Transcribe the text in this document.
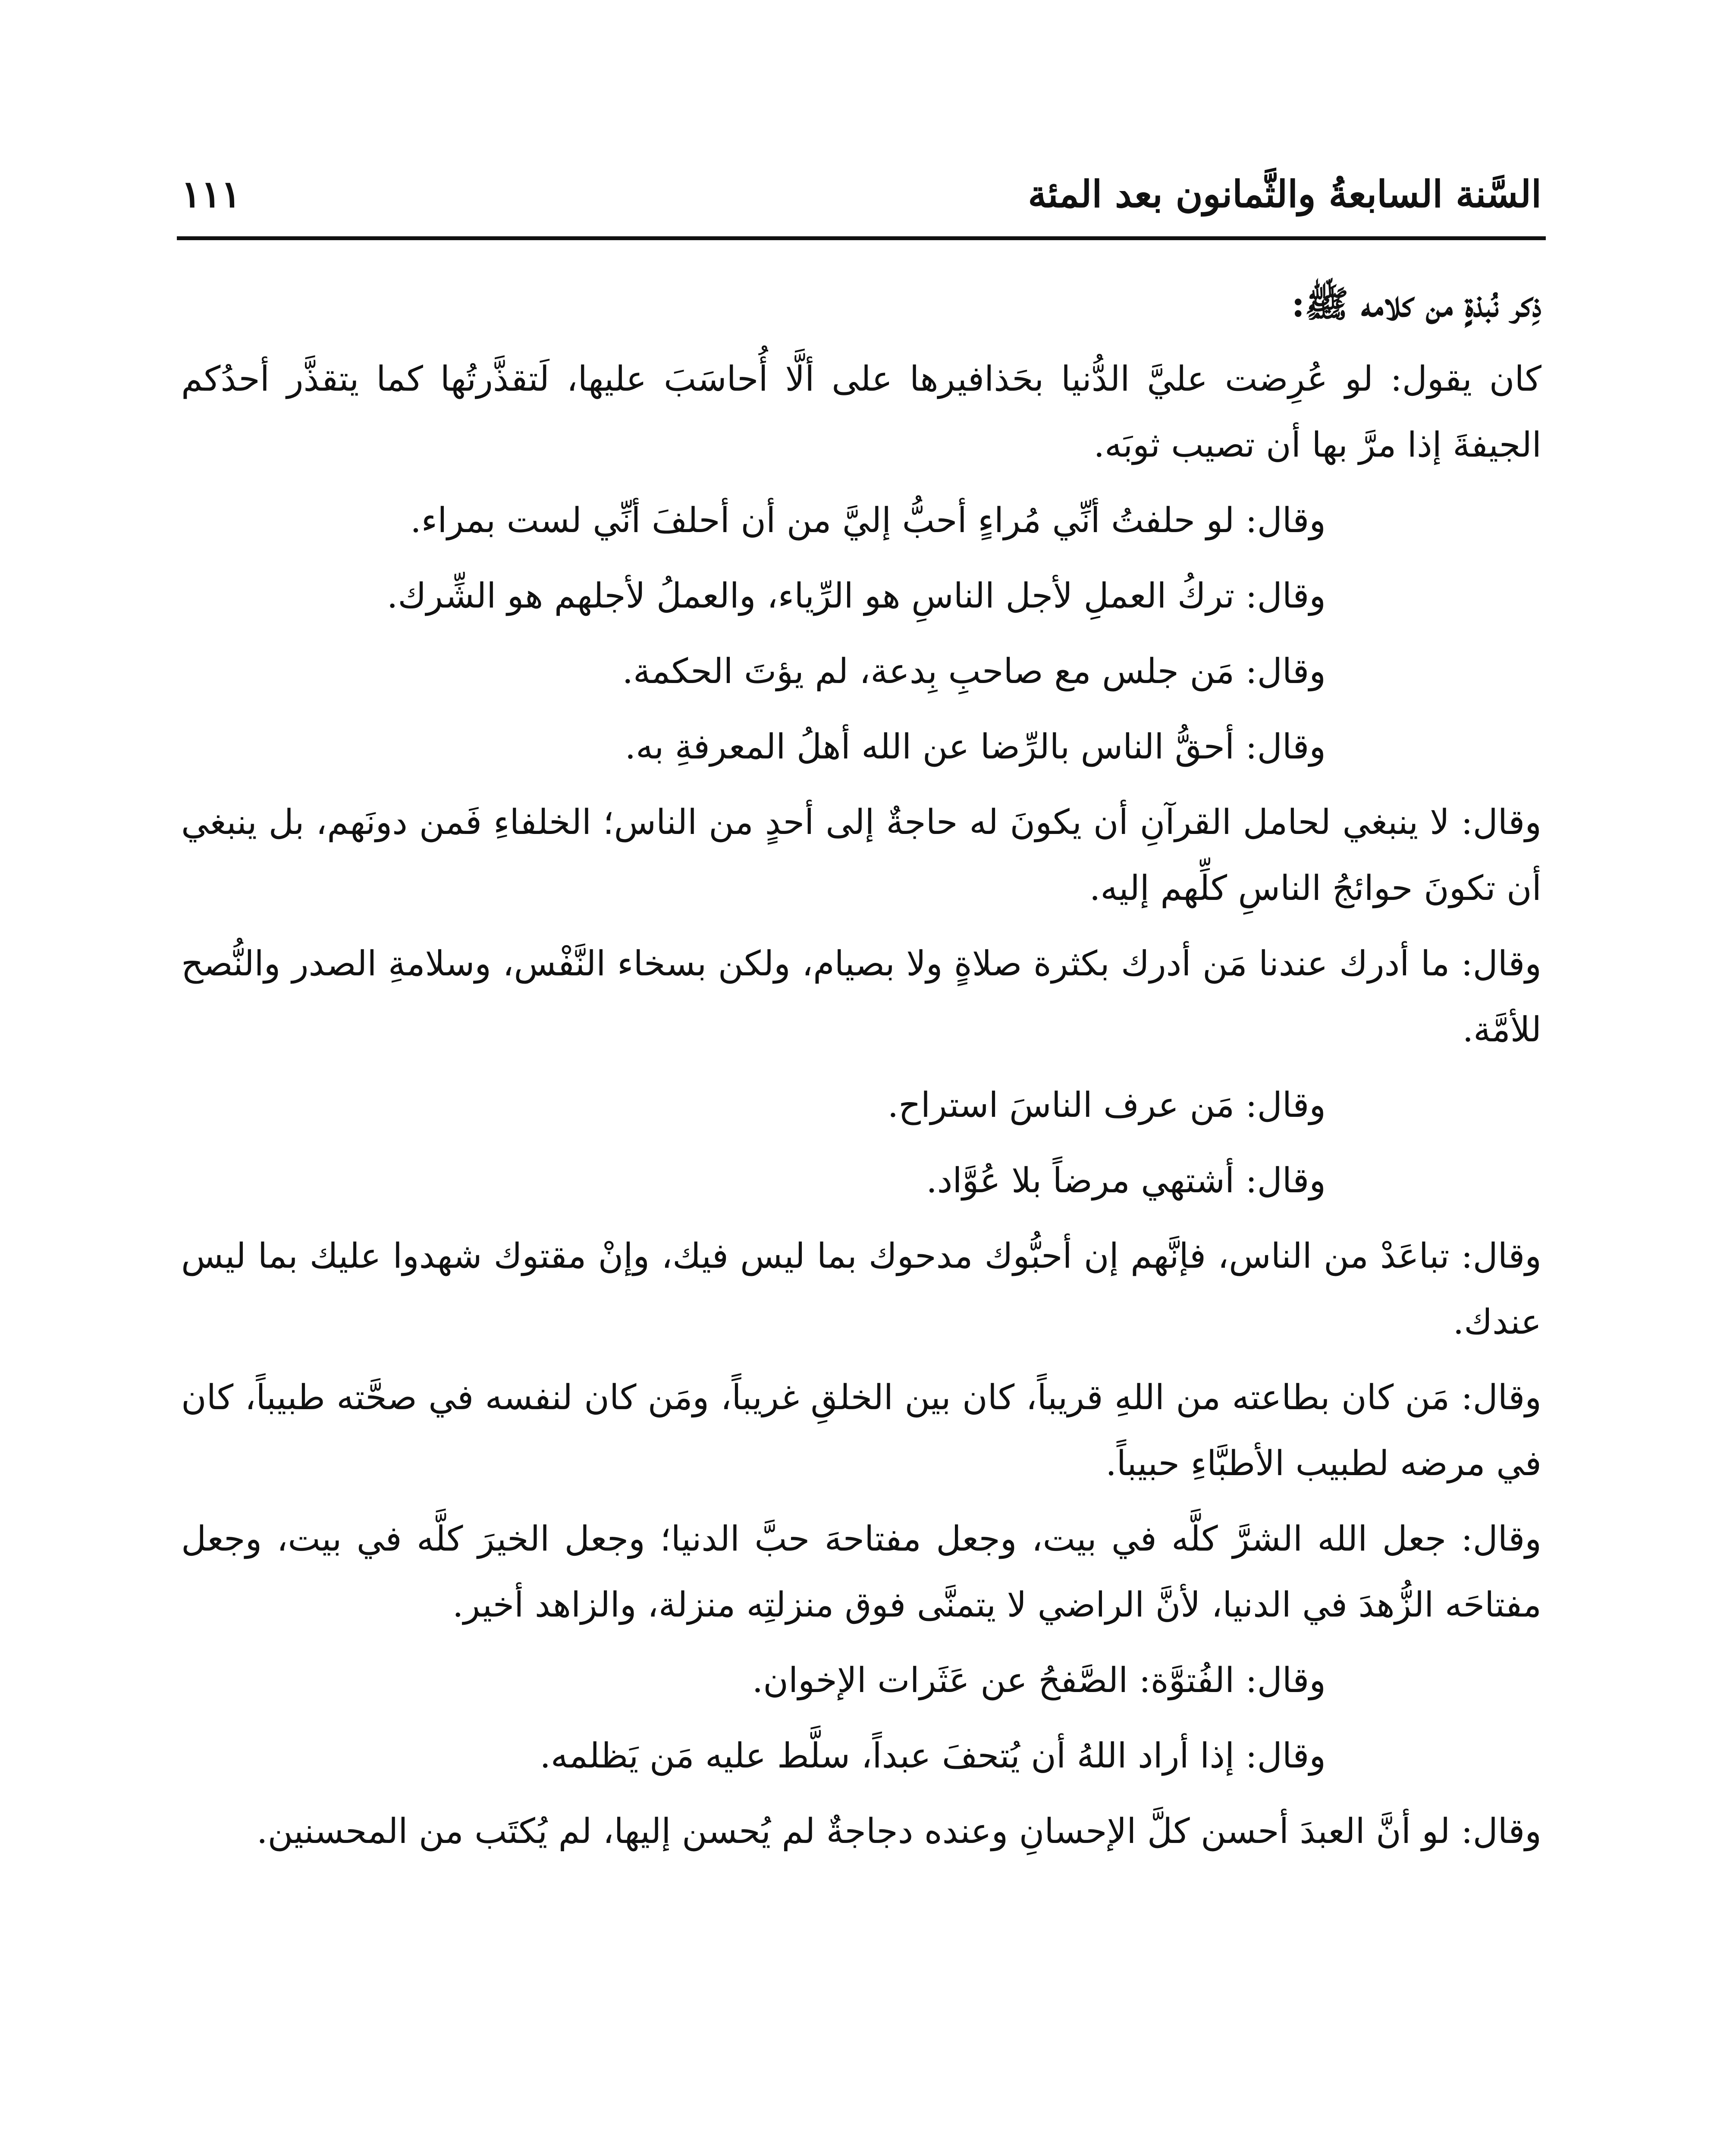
السَّنة السابعةُ والثَّمانون بعد المئة
١١١
ذِكر نُبذةٍ من كلامه ﷺ:

كان يقول: لو عُرِضت عليَّ الدُّنيا بحَذافيرها على ألَّا أُحاسَبَ عليها، لَتقذَّرتُها كما يتقذَّر أحدُكم الجيفةَ إذا مرَّ بها أن تصيب ثوبَه.

وقال: لو حلفتُ أنِّي مُراءٍ أحبُّ إليَّ من أن أحلفَ أنِّي لست بمراء.

وقال: تركُ العملِ لأجل الناسِ هو الرِّياء، والعملُ لأجلهم هو الشِّرك.

وقال: مَن جلس مع صاحبِ بِدعة، لم يؤتَ الحكمة.

وقال: أحقُّ الناس بالرِّضا عن الله أهلُ المعرفةِ به.

وقال: لا ينبغي لحامل القرآنِ أن يكونَ له حاجةٌ إلى أحدٍ من الناس؛ الخلفاءِ فَمن دونَهم، بل ينبغي أن تكونَ حوائجُ الناسِ كلِّهم إليه.

وقال: ما أدرك عندنا مَن أدرك بكثرة صلاةٍ ولا بصيام، ولكن بسخاء النَّفْس، وسلامةِ الصدر والنُّصح للأمَّة.

وقال: مَن عرف الناسَ استراح.

وقال: أشتهي مرضاً بلا عُوَّاد.

وقال: تباعَدْ من الناس، فإنَّهم إن أحبُّوك مدحوك بما ليس فيك، وإنْ مقتوك شهدوا عليك بما ليس عندك.

وقال: مَن كان بطاعته من اللهِ قريباً، كان بين الخلقِ غريباً، ومَن كان لنفسه في صحَّته طبيباً، كان في مرضه لطبيب الأطبَّاءِ حبيباً.

وقال: جعل الله الشرَّ كلَّه في بيت، وجعل مفتاحهَ حبَّ الدنيا؛ وجعل الخيرَ كلَّه في بيت، وجعل مفتاحَه الزُّهدَ في الدنيا، لأنَّ الراضي لا يتمنَّى فوق منزلتِه منزلة، والزاهد أخير.

وقال: الفُتوَّة: الصَّفحُ عن عَثَرات الإخوان.

وقال: إذا أراد اللهُ أن يُتحفَ عبداً، سلَّط عليه مَن يَظلمه.

وقال: لو أنَّ العبدَ أحسن كلَّ الإحسانِ وعنده دجاجةٌ لم يُحسن إليها، لم يُكتَب من المحسنين.
